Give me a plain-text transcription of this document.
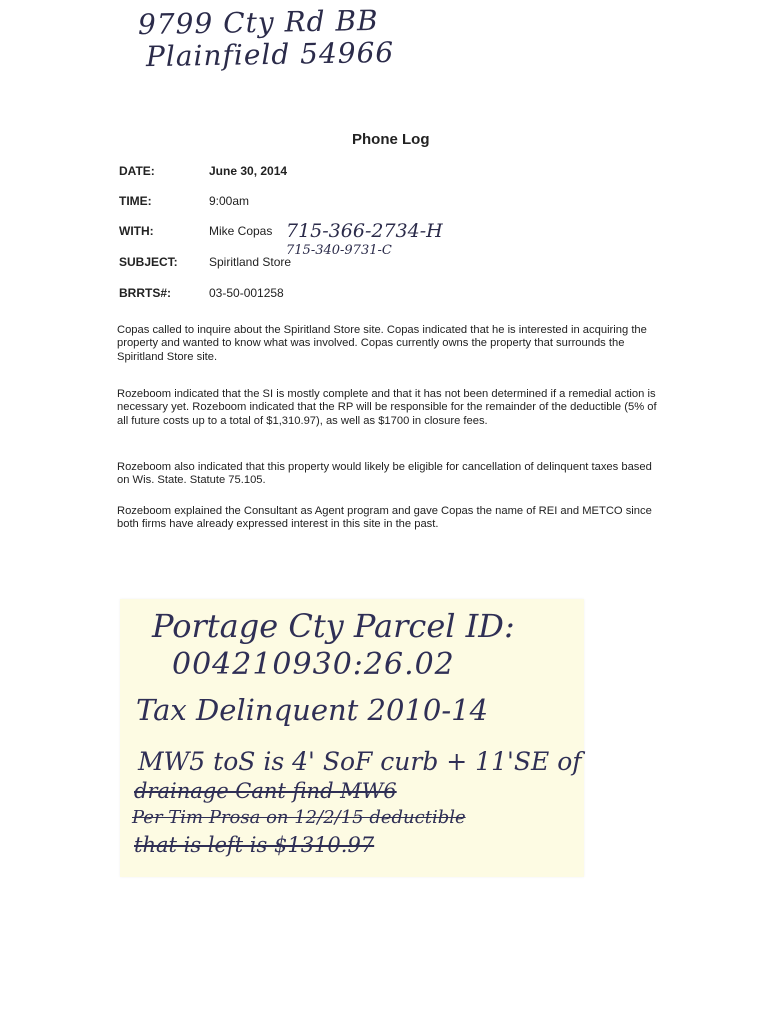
9799 Cty Rd BB
Plainfield 54966
Phone Log
DATE:	June 30, 2014
TIME:	9:00am
WITH:	Mike Copas 715-366-2734-H
715-340-9731-C
SUBJECT:	Spiritland Store
BRRTS#:	03-50-001258

Copas called to inquire about the Spiritland Store site. Copas indicated that he is interested in acquiring the property and wanted to know what was involved. Copas currently owns the property that surrounds the Spiritland Store site.

Rozeboom indicated that the SI is mostly complete and that it has not been determined if a remedial action is necessary yet. Rozeboom indicated that the RP will be responsible for the remainder of the deductible (5% of all future costs up to a total of $1,310.97), as well as $1700 in closure fees.

Rozeboom also indicated that this property would likely be eligible for cancellation of delinquent taxes based on Wis. State. Statute 75.105.

Rozeboom explained the Consultant as Agent program and gave Copas the name of REI and METCO since both firms have already expressed interest in this site in the past.

Portage Cty Parcel ID:
004210930:26.02
Tax Delinquent 2010-14
MW5 toS is 4' SoF curb + 11'SE of
drainage Cant find MW6
Per Tim Prosa on 12/2/15 deductible
that is left is $1310.97
